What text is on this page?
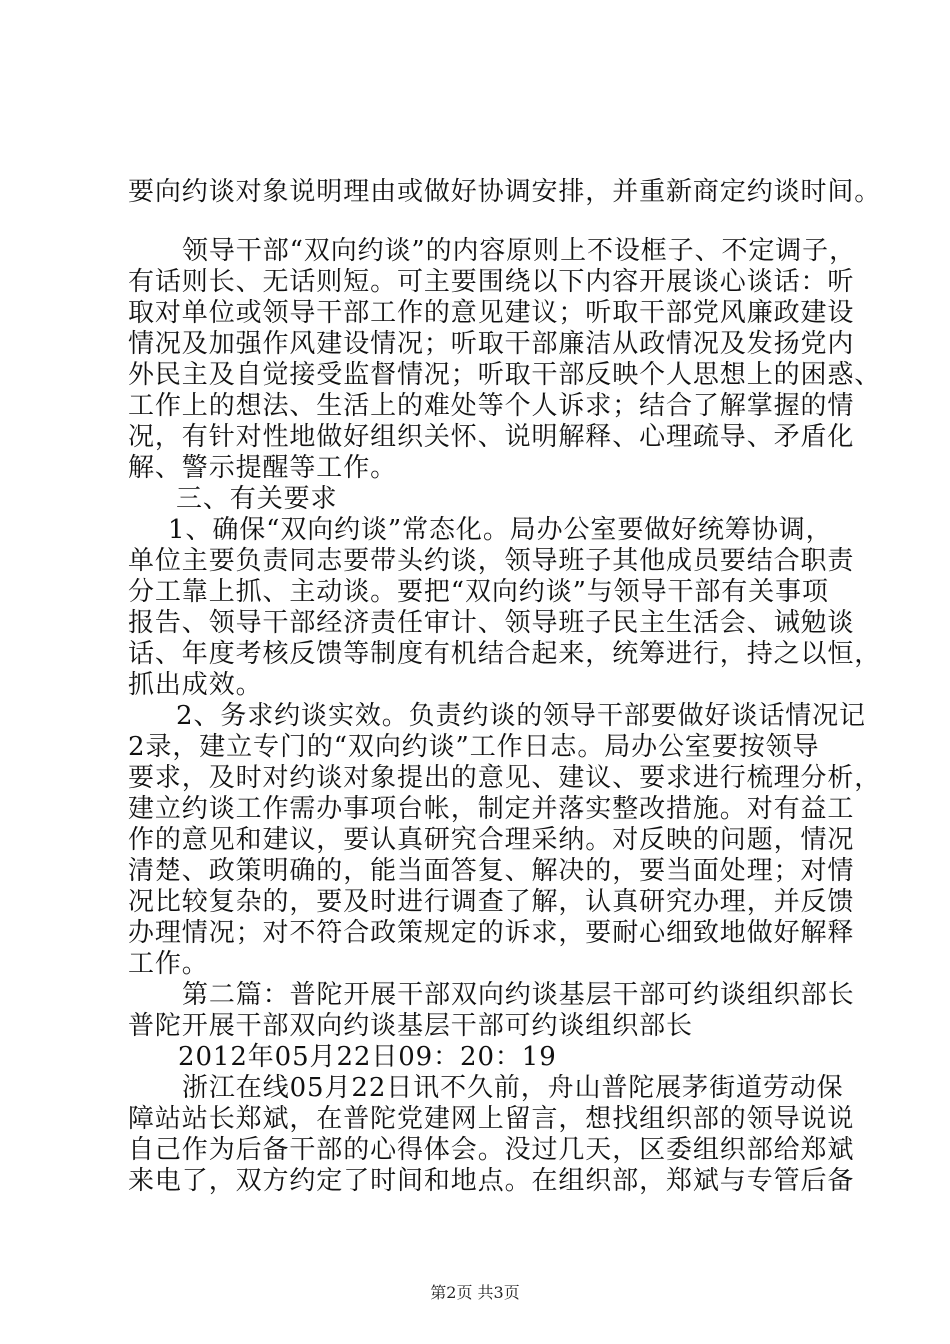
要向约谈对象说明理由或做好协调安排，并重新商定约谈时间。
领导干部“双向约谈”的内容原则上不设框子、不定调子，
有话则长、无话则短。可主要围绕以下内容开展谈心谈话：听
取对单位或领导干部工作的意见建议；听取干部党风廉政建设
情况及加强作风建设情况；听取干部廉洁从政情况及发扬党内
外民主及自觉接受监督情况；听取干部反映个人思想上的困惑、
工作上的想法、生活上的难处等个人诉求；结合了解掌握的情
况，有针对性地做好组织关怀、说明解释、心理疏导、矛盾化
解、警示提醒等工作。
三、有关要求
1、确保“双向约谈”常态化。局办公室要做好统筹协调，
单位主要负责同志要带头约谈，领导班子其他成员要结合职责
分工靠上抓、主动谈。要把“双向约谈”与领导干部有关事项
报告、领导干部经济责任审计、领导班子民主生活会、诫勉谈
话、年度考核反馈等制度有机结合起来，统筹进行，持之以恒，
抓出成效。
2、务求约谈实效。负责约谈的领导干部要做好谈话情况记
2录，建立专门的“双向约谈”工作日志。局办公室要按领导
要求，及时对约谈对象提出的意见、建议、要求进行梳理分析，
建立约谈工作需办事项台帐，制定并落实整改措施。对有益工
作的意见和建议，要认真研究合理采纳。对反映的问题，情况
清楚、政策明确的，能当面答复、解决的，要当面处理；对情
况比较复杂的，要及时进行调查了解，认真研究办理，并反馈
办理情况；对不符合政策规定的诉求，要耐心细致地做好解释
工作。
第二篇：普陀开展干部双向约谈基层干部可约谈组织部长
普陀开展干部双向约谈基层干部可约谈组织部长
2012年05月22日09：20：19
浙江在线05月22日讯不久前，舟山普陀展茅街道劳动保
障站站长郑斌，在普陀党建网上留言，想找组织部的领导说说
自己作为后备干部的心得体会。没过几天，区委组织部给郑斌
来电了，双方约定了时间和地点。在组织部，郑斌与专管后备
第2页 共3页
